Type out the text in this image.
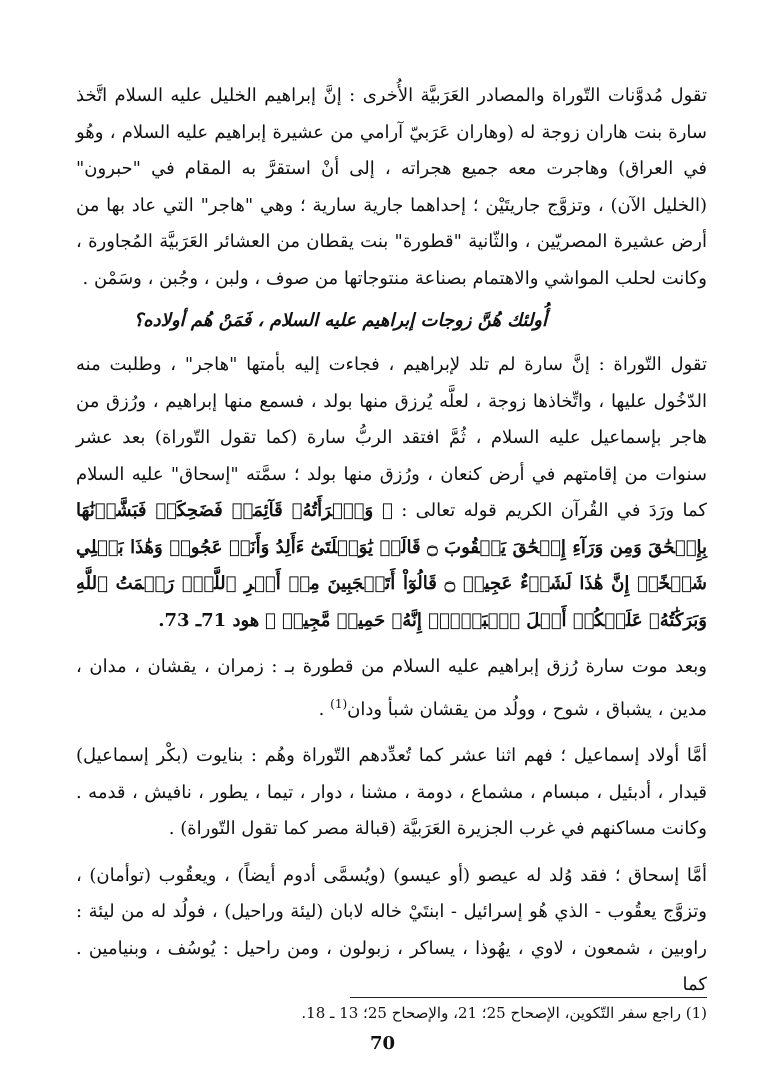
تقول مُدوَّنات التّوراة والمصادر العَرَبيَّة الأُخرى : إنَّ إبراهيم الخليل عليه السلام اتَّخذ سارة بنت هاران زوجة له (وهاران عَرَبيّ آرامي من عشيرة إبراهيم عليه السلام ، وهُو في العراق) وهاجرت معه جميع هجراته ، إلى أنْ استقرَّ به المقام في "حبرون" (الخليل الآن) ، وتزوَّج جاريتَيْن ؛ إحداهما جارية سارية ؛ وهي "هاجر" التي عاد بها من أرض عشيرة المصريّين ، والثّانية "قطورة" بنت يقطان من العشائر العَرَبيَّة المُجاورة ، وكانت لحلب المواشي والاهتمام بصناعة منتوجاتها من صوف ، ولبن ، وجُبن ، وسَمْن .

أُولئك هُنَّ زوجات إبراهيم عليه السلام ، فَمَنْ هُم أولاده؟

تقول التّوراة : إنَّ سارة لم تلد لإبراهيم ، فجاءت إليه بأمتها "هاجر" ، وطلبت منه الدّخُول عليها ، واتِّخاذها زوجة ، لعلَّه يُرزق منها بولد ، فسمع منها إبراهيم ، ورُزق من هاجر بإسماعيل عليه السلام ، ثُمَّ افتقد الربُّ سارة (كما تقول التّوراة) بعد عشر سنوات من إقامتهم في أرض كنعان ، ورُزق منها بولد ؛ سمَّته "إسحاق" عليه السلام كما ورَدَ في القُرآن الكريم قوله تعالى : ﴿ وَٱمۡرَأَتُهُۥ قَآئِمَةٞ فَضَحِكَتۡ فَبَشَّرۡنَٰهَا بِإِسۡحَٰقَ وَمِن وَرَآءِ إِسۡحَٰقَ يَعۡقُوبَ ۝ قَالَتۡ يَٰوَيۡلَتَىٰٓ ءَأَلِدُ وَأَنَا۠ عَجُوزٞ وَهَٰذَا بَعۡلِي شَيۡخًاۖ إِنَّ هَٰذَا لَشَيۡءٌ عَجِيبٞ ۝ قَالُوٓاْ أَتَعۡجَبِينَ مِنۡ أَمۡرِ ٱللَّهِۖ رَحۡمَتُ ٱللَّهِ وَبَرَكَٰتُهُۥ عَلَيۡكُمۡ أَهۡلَ ٱلۡبَيۡتِۚ إِنَّهُۥ حَمِيدٞ مَّجِيدٞ ﴾ هود 71ـ 73.

وبعد موت سارة رُزق إبراهيم عليه السلام من قطورة بـ : زمران ، يقشان ، مدان ، مدين ، يشباق ، شوح ، وولُد من يقشان شبأ ودان$^{(1)}$ .

أمَّا أولاد إسماعيل ؛ فهم اثنا عشر كما تُعدِّدهم التّوراة وهُم : بنايوت (بكْر إسماعيل) قيدار ، أدبئيل ، مبسام ، مشماع ، دومة ، مشنا ، دوار ، تيما ، يطور ، نافيش ، قدمه . وكانت مساكنهم في غرب الجزيرة العَرَبيَّة (قبالة مصر كما تقول التّوراة) .

أمَّا إسحاق ؛ فقد وُلد له عيصو (أو عيسو) (ويُسمَّى أدوم أيضاً) ، ويعقُوب (توأمان) ، وتزوَّج يعقُوب - الذي هُو إسرائيل - ابنتَيْ خاله لابان (ليئة وراحيل) ، فولُد له من ليئة : راوبين ، شمعون ، لاوي ، يهُوذا ، يساكر ، زبولون ، ومن راحيل : يُوسُف ، وبنيامين . كما

(1) راجع سفر التّكوين، الإصحاح 25؛ 21، والإصحاح 25؛ 13 ـ 18.
70
